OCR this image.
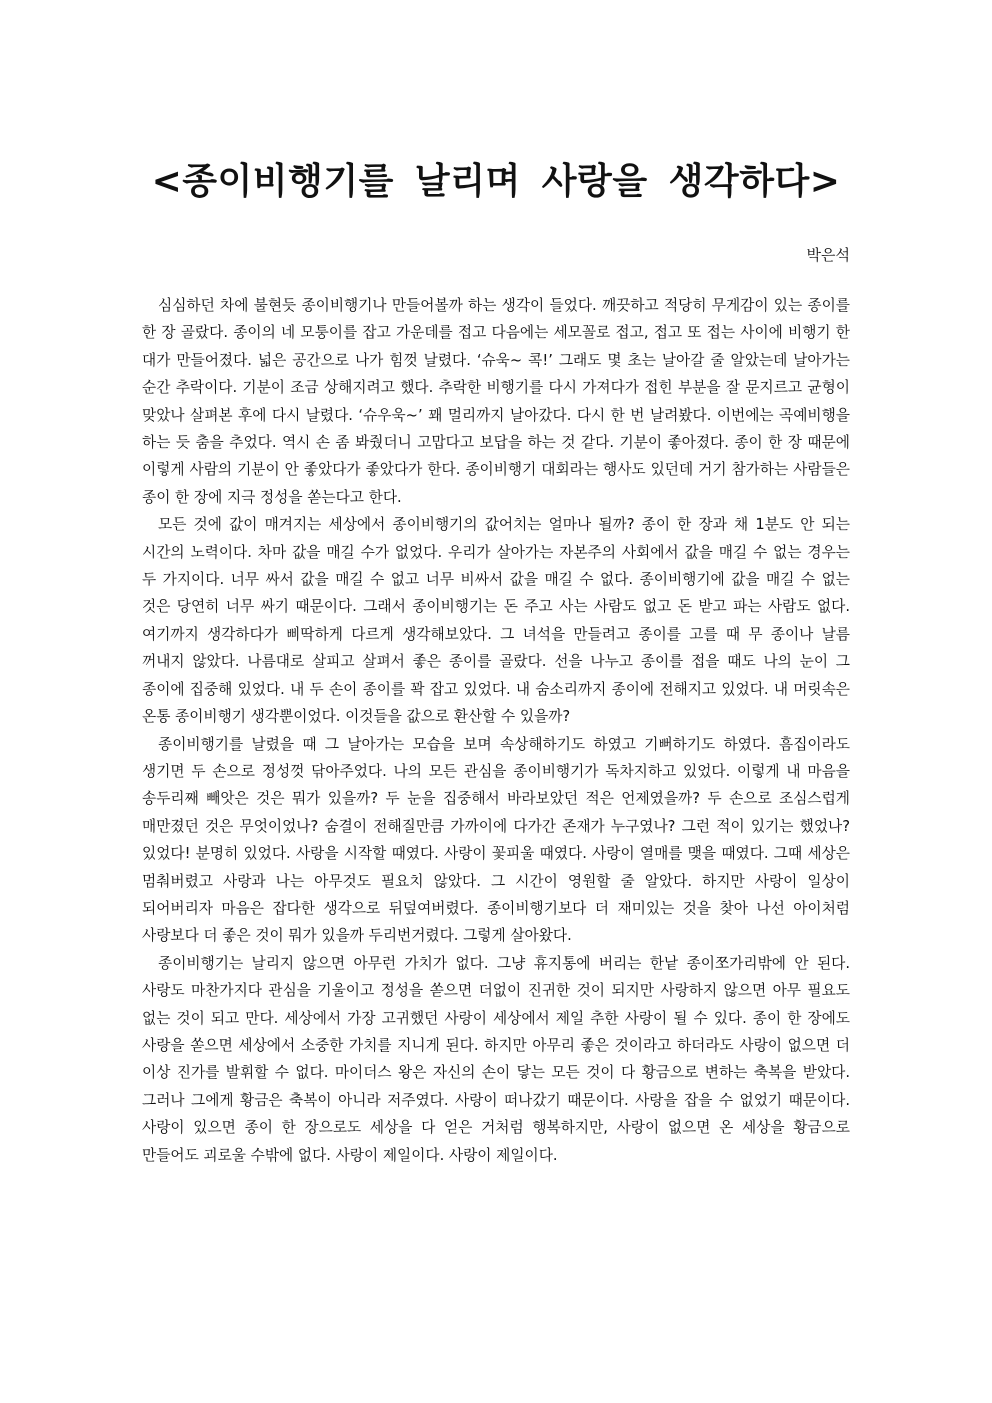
<종이비행기를 날리며 사랑을 생각하다>

박은석

심심하던 차에 불현듯 종이비행기나 만들어볼까 하는 생각이 들었다. 깨끗하고 적당히 무게감이 있는 종이를 한 장 골랐다. 종이의 네 모퉁이를 잡고 가운데를 접고 다음에는 세모꼴로 접고, 접고 또 접는 사이에 비행기 한 대가 만들어졌다. 넓은 공간으로 나가 힘껏 날렸다. ‘슈욱~ 콕!’ 그래도 몇 초는 날아갈 줄 알았는데 날아가는 순간 추락이다. 기분이 조금 상해지려고 했다. 추락한 비행기를 다시 가져다가 접힌 부분을 잘 문지르고 균형이 맞았나 살펴본 후에 다시 날렸다. ‘슈우욱~’ 꽤 멀리까지 날아갔다. 다시 한 번 날려봤다. 이번에는 곡예비행을 하는 듯 춤을 추었다. 역시 손 좀 봐줬더니 고맙다고 보답을 하는 것 같다. 기분이 좋아졌다. 종이 한 장 때문에 이렇게 사람의 기분이 안 좋았다가 좋았다가 한다. 종이비행기 대회라는 행사도 있던데 거기 참가하는 사람들은 종이 한 장에 지극 정성을 쏟는다고 한다.

모든 것에 값이 매겨지는 세상에서 종이비행기의 값어치는 얼마나 될까? 종이 한 장과 채 1분도 안 되는 시간의 노력이다. 차마 값을 매길 수가 없었다. 우리가 살아가는 자본주의 사회에서 값을 매길 수 없는 경우는 두 가지이다. 너무 싸서 값을 매길 수 없고 너무 비싸서 값을 매길 수 없다. 종이비행기에 값을 매길 수 없는 것은 당연히 너무 싸기 때문이다. 그래서 종이비행기는 돈 주고 사는 사람도 없고 돈 받고 파는 사람도 없다. 여기까지 생각하다가 삐딱하게 다르게 생각해보았다. 그 녀석을 만들려고 종이를 고를 때 무 종이나 날름 꺼내지 않았다. 나름대로 살피고 살펴서 좋은 종이를 골랐다. 선을 나누고 종이를 접을 때도 나의 눈이 그 종이에 집중해 있었다. 내 두 손이 종이를 꽉 잡고 있었다. 내 숨소리까지 종이에 전해지고 있었다. 내 머릿속은 온통 종이비행기 생각뿐이었다. 이것들을 값으로 환산할 수 있을까?

종이비행기를 날렸을 때 그 날아가는 모습을 보며 속상해하기도 하였고 기뻐하기도 하였다. 흠집이라도 생기면 두 손으로 정성껏 닦아주었다. 나의 모든 관심을 종이비행기가 독차지하고 있었다. 이렇게 내 마음을 송두리째 빼앗은 것은 뭐가 있을까? 두 눈을 집중해서 바라보았던 적은 언제였을까? 두 손으로 조심스럽게 매만졌던 것은 무엇이었나? 숨결이 전해질만큼 가까이에 다가간 존재가 누구였나? 그런 적이 있기는 했었나? 있었다! 분명히 있었다. 사랑을 시작할 때였다. 사랑이 꽃피울 때였다. 사랑이 열매를 맺을 때였다. 그때 세상은 멈춰버렸고 사랑과 나는 아무것도 필요치 않았다. 그 시간이 영원할 줄 알았다. 하지만 사랑이 일상이 되어버리자 마음은 잡다한 생각으로 뒤덮여버렸다. 종이비행기보다 더 재미있는 것을 찾아 나선 아이처럼 사랑보다 더 좋은 것이 뭐가 있을까 두리번거렸다. 그렇게 살아왔다.

종이비행기는 날리지 않으면 아무런 가치가 없다. 그냥 휴지통에 버리는 한낱 종이쪼가리밖에 안 된다. 사랑도 마찬가지다 관심을 기울이고 정성을 쏟으면 더없이 진귀한 것이 되지만 사랑하지 않으면 아무 필요도 없는 것이 되고 만다. 세상에서 가장 고귀했던 사랑이 세상에서 제일 추한 사랑이 될 수 있다. 종이 한 장에도 사랑을 쏟으면 세상에서 소중한 가치를 지니게 된다. 하지만 아무리 좋은 것이라고 하더라도 사랑이 없으면 더 이상 진가를 발휘할 수 없다. 마이더스 왕은 자신의 손이 닿는 모든 것이 다 황금으로 변하는 축복을 받았다. 그러나 그에게 황금은 축복이 아니라 저주였다. 사랑이 떠나갔기 때문이다. 사랑을 잡을 수 없었기 때문이다. 사랑이 있으면 종이 한 장으로도 세상을 다 얻은 거처럼 행복하지만, 사랑이 없으면 온 세상을 황금으로 만들어도 괴로울 수밖에 없다. 사랑이 제일이다. 사랑이 제일이다.
